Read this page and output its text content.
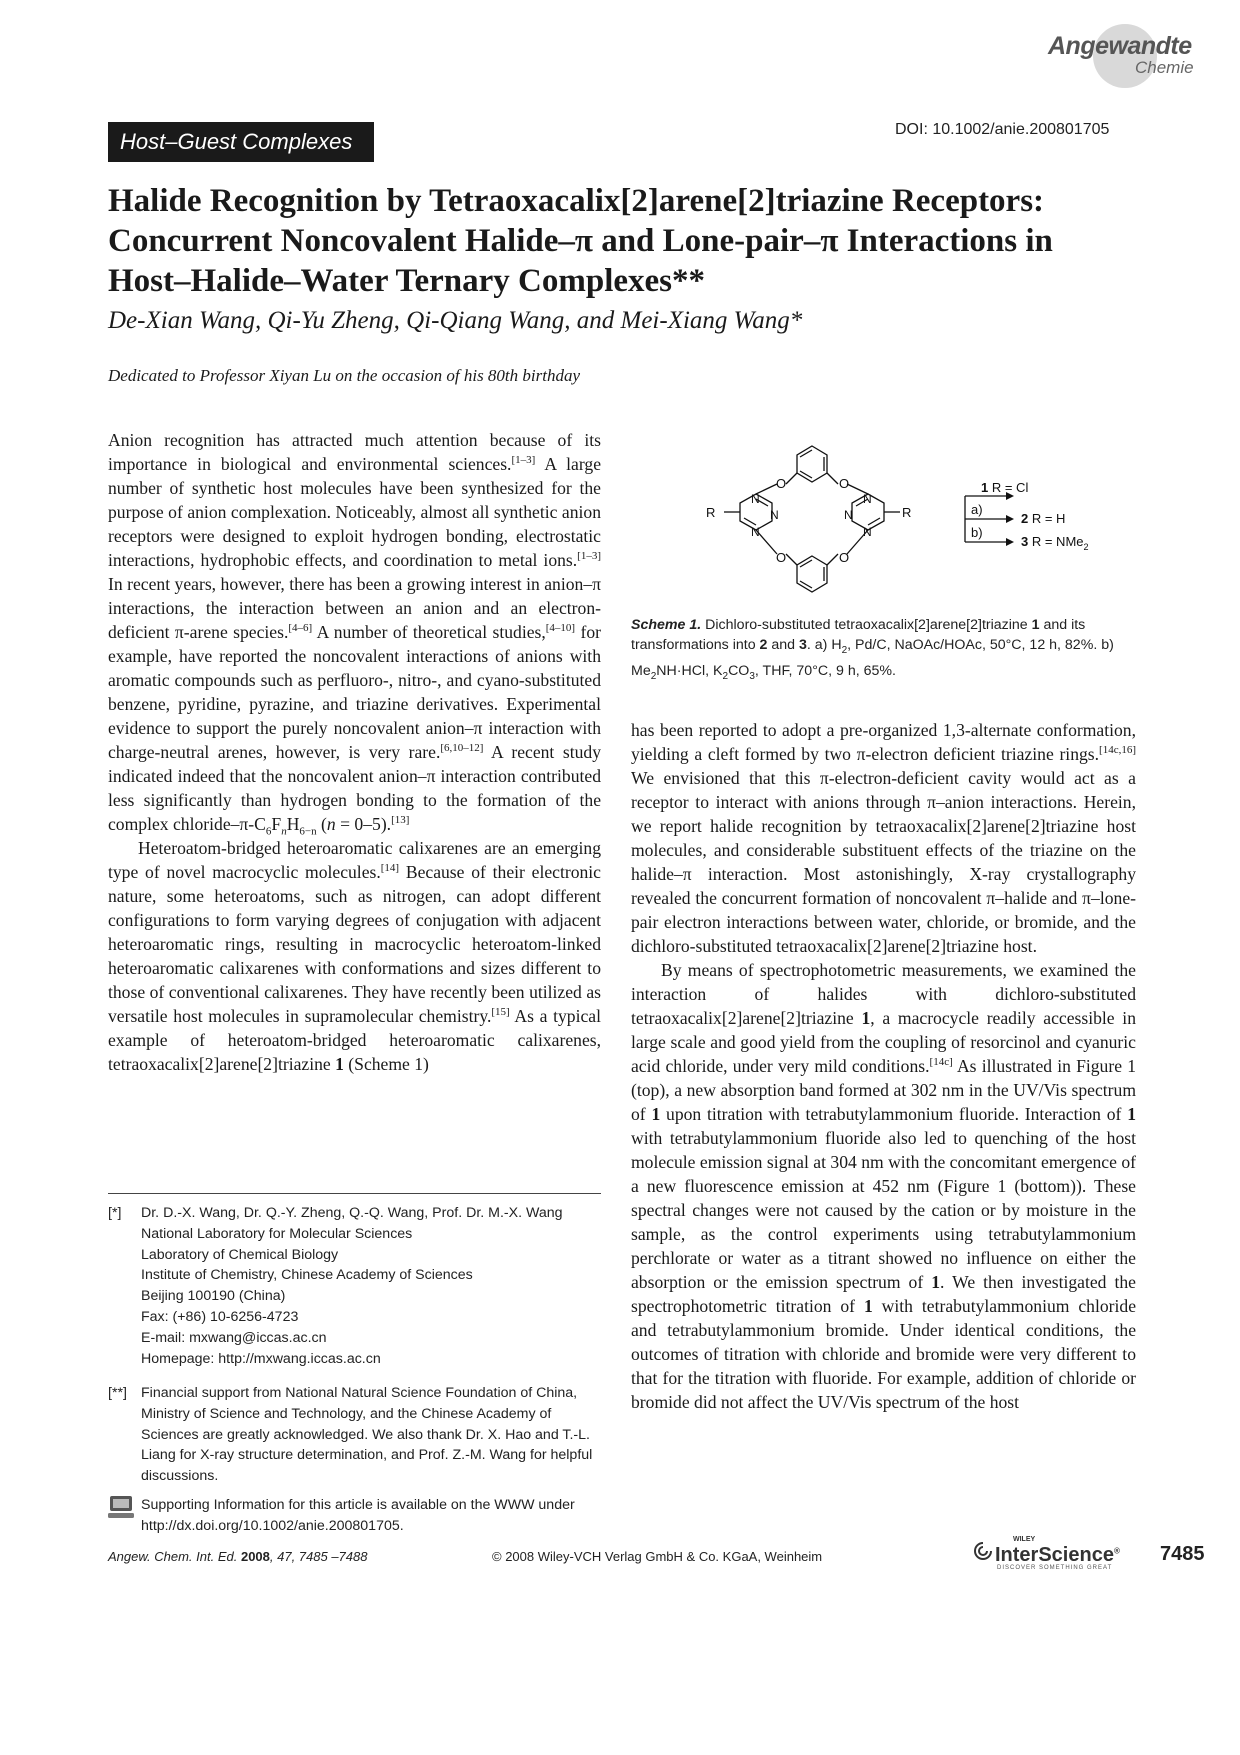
Angewandte
Chemie
DOI: 10.1002/anie.200801705
Host–Guest Complexes
Halide Recognition by Tetraoxacalix[2]arene[2]triazine Receptors: Concurrent Noncovalent Halide–π and Lone-pair–π Interactions in Host–Halide–Water Ternary Complexes**
De-Xian Wang, Qi-Yu Zheng, Qi-Qiang Wang, and Mei-Xiang Wang*
Dedicated to Professor Xiyan Lu on the occasion of his 80th birthday

Anion recognition has attracted much attention because of its importance in biological and environmental sciences.[1–3] A large number of synthetic host molecules have been synthesized for the purpose of anion complexation. Noticeably, almost all synthetic anion receptors were designed to exploit hydrogen bonding, electrostatic interactions, hydrophobic effects, and coordination to metal ions.[1–3] In recent years, however, there has been a growing interest in anion–π interactions, the interaction between an anion and an electron-deficient π-arene species.[4–6] A number of theoretical studies,[4–10] for example, have reported the noncovalent interactions of anions with aromatic compounds such as perfluoro-, nitro-, and cyano-substituted benzene, pyridine, pyrazine, and triazine derivatives. Experimental evidence to support the purely noncovalent anion–π interaction with charge-neutral arenes, however, is very rare.[6,10–12] A recent study indicated indeed that the noncovalent anion–π interaction contributed less significantly than hydrogen bonding to the formation of the complex chloride–$\pi-C_6F_nH_{6-n}$ (n = 0–5).[13]

Heteroatom-bridged heteroaromatic calixarenes are an emerging type of novel macrocyclic molecules.[14] Because of their electronic nature, some heteroatoms, such as nitrogen, can adopt different configurations to form varying degrees of conjugation with adjacent heteroaromatic rings, resulting in macrocyclic heteroatom-linked heteroaromatic calixarenes with conformations and sizes different to those of conventional calixarenes. They have recently been utilized as versatile host molecules in supramolecular chemistry.[15] As a typical example of heteroatom-bridged heteroaromatic calixarenes, tetraoxacalix[2]arene[2]triazine 1 (Scheme 1)

[*] Dr. D.-X. Wang, Dr. Q.-Y. Zheng, Q.-Q. Wang, Prof. Dr. M.-X. Wang
National Laboratory for Molecular Sciences
Laboratory of Chemical Biology
Institute of Chemistry, Chinese Academy of Sciences
Beijing 100190 (China)
Fax: (+86) 10-6256-4723
E-mail: mxwang@iccas.ac.cn
Homepage: http://mxwang.iccas.ac.cn
[**] Financial support from National Natural Science Foundation of China, Ministry of Science and Technology, and the Chinese Academy of Sciences are greatly acknowledged. We also thank Dr. X. Hao and T.-L. Liang for X-ray structure determination, and Prof. Z.-M. Wang for helpful discussions.
Supporting Information for this article is available on the WWW under http://dx.doi.org/10.1002/anie.200801705.
R	R
O	O
O	O
N
N
N
N
N
N
a)
b)
1 R = Cl
2 R = H
3 R = NMe$_2$
Scheme 1. Dichloro-substituted tetraoxacalix[2]arene[2]triazine 1 and its transformations into 2 and 3. a) $H_2$, Pd/C, NaOAc/HOAc, 50°C, 12 h, 82%. b) $Me_2NH\cdot HCl$, $K_2CO_3$, THF, 70°C, 9 h, 65%.

has been reported to adopt a pre-organized 1,3-alternate conformation, yielding a cleft formed by two π-electron deficient triazine rings.[14c,16] We envisioned that this π-electron-deficient cavity would act as a receptor to interact with anions through π–anion interactions. Herein, we report halide recognition by tetraoxacalix[2]arene[2]triazine host molecules, and considerable substituent effects of the triazine on the halide–π interaction. Most astonishingly, X-ray crystallography revealed the concurrent formation of noncovalent π–halide and π–lone-pair electron interactions between water, chloride, or bromide, and the dichloro-substituted tetraoxacalix[2]arene[2]triazine host.

By means of spectrophotometric measurements, we examined the interaction of halides with dichloro-substituted tetraoxacalix[2]arene[2]triazine 1, a macrocycle readily accessible in large scale and good yield from the coupling of resorcinol and cyanuric acid chloride, under very mild conditions.[14c] As illustrated in Figure 1 (top), a new absorption band formed at 302 nm in the UV/Vis spectrum of 1 upon titration with tetrabutylammonium fluoride. Interaction of 1 with tetrabutylammonium fluoride also led to quenching of the host molecule emission signal at 304 nm with the concomitant emergence of a new fluorescence emission at 452 nm (Figure 1 (bottom)). These spectral changes were not caused by the cation or by moisture in the sample, as the control experiments using tetrabutylammonium perchlorate or water as a titrant showed no influence on either the absorption or the emission spectrum of 1. We then investigated the spectrophotometric titration of 1 with tetrabutylammonium chloride and tetrabutylammonium bromide. Under identical conditions, the outcomes of titration with chloride and bromide were very different to that for the titration with fluoride. For example, addition of chloride or bromide did not affect the UV/Vis spectrum of the host

Angew. Chem. Int. Ed. 2008, 47, 7485 –7488	© 2008 Wiley-VCH Verlag GmbH & Co. KGaA, Weinheim
WILEY
InterScience®
DISCOVER SOMETHING GREAT
7485
